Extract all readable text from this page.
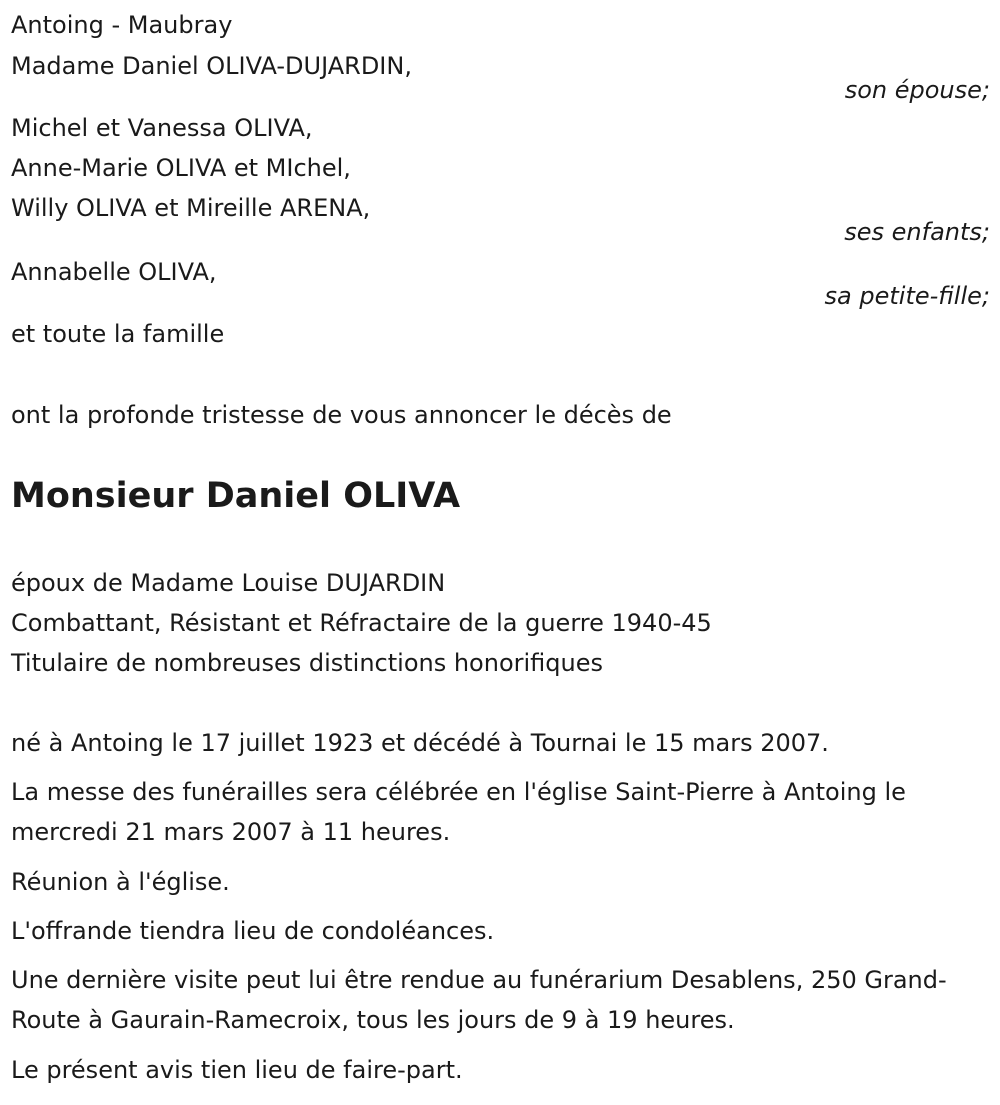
Antoing - Maubray
Madame Daniel OLIVA-DUJARDIN,
son épouse;
Michel et Vanessa OLIVA,
Anne-Marie OLIVA et MIchel,
Willy OLIVA et Mireille ARENA,
ses enfants;
Annabelle OLIVA,
sa petite-fille;
et toute la famille
ont la profonde tristesse de vous annoncer le décès de
Monsieur Daniel OLIVA
époux de Madame Louise DUJARDIN
Combattant, Résistant et Réfractaire de la guerre 1940-45
Titulaire de nombreuses distinctions honorifiques
né à Antoing le 17 juillet 1923 et décédé à Tournai le 15 mars 2007.
La messe des funérailles sera célébrée en l'église Saint-Pierre à Antoing le mercredi 21 mars 2007 à 11 heures.
Réunion à l'église.
L'offrande tiendra lieu de condoléances.
Une dernière visite peut lui être rendue au funérarium Desablens, 250 Grand-Route à Gaurain-Ramecroix, tous les jours de 9 à 19 heures.
Le présent avis tien lieu de faire-part.
